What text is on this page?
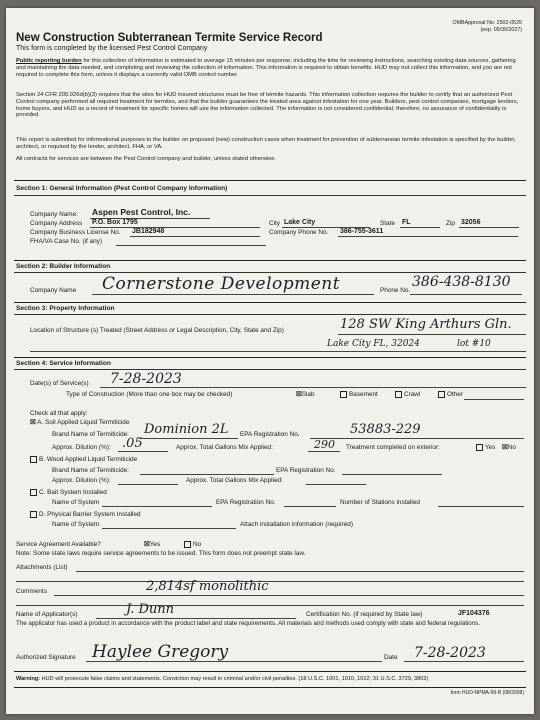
OMBApproval No. 2502-0525
(exp. 09/30/2027)
New Construction Subterranean Termite Service Record
This form is completed by the licensed Pest Control Company
Public reporting burden for this collection of information is estimated to average 15 minutes per response, including the time for reviewing instructions, searching existing data sources, gathering and maintaining the data needed, and completing and reviewing the collection of information. This information is required to obtain benefits. HUD may not collect this information, and you are not required to complete this form, unless it displays a currently valid OMB control number.
Section 24 CFR 200.926d(b)(3) requires that the sites for HUD insured structures must be free of termite hazards. This information collection requires the builder to certify that an authorized Pest Control company performed all required treatment for termites, and that the builder guarantees the treated area against infestation for one year. Builders, pest control companies, mortgage lenders, home buyers, and HUD as a record of treatment for specific homes will use the information collected. The information is not considered confidential, therefore, no assurance of confidentiality is provided.
This report is submitted for informational purposes to the builder on proposed (new) construction cases when treatment for prevention of subterranean termite infestation is specified by the builder, architect, or required by the lender, architect, FHA, or VA.
All contracts for services are between the Pest Control company and builder, unless stated otherwise.
Section 1: General Information (Pest Control Company Information)
Company Name: Aspen Pest Control, Inc.
Company Address P.O. Box 1795	City Lake City	State FL	Zip 32056
Company Business License No. JB182948	Company Phone No. 386-755-3611
FHA/VA Case No. (if any)
Section 2: Builder Information
Company Name Cornerstone Development	Phone No.
386-438-8130
Section 3: Property Information
Location of Structure (s) Treated (Street Address or Legal Description, City, State and Zip)	128 SW King Arthurs Gln.
Lake City FL, 32024	lot #10
Section 4: Service Information
Date(s) of Service(s) 7-28-2023
Type of Construction (More than one box may be checked)	☒Slab	Basement	Crawl	Other
Check all that apply:
☒ A. Soil Applied Liquid Termiticide
Brand Name of Termiticide: Dominion 2L EPA Registration No.	53883-229
Approx. Dilution (%): .05	Approx. Total Gallons Mix Applied:	290 Treatment completed on exterior:	Yes ☒No
B. Wood Applied Liquid Termiticide
Brand Name of Termiticide:	EPA Registration No.
Approx. Dilution (%):	Approx. Total Gallons Mix Applied:
C. Bait System Installed
Name of System	EPA Registration No.	Number of Stations installed
D. Physical Barrier System Installed
Name of System	Attach installation information (required)
Service Agreement Available?	☒Yes	No
Note: Some state laws require service agreements to be issued. This form does not preempt state law.
Attachments (List)
Comments	2,814sf monolithic
Name of Applicator(s)	J. Dunn	Certification No. (if required by State law)	JF104376
The applicator has used a product in accordance with the product label and state requirements. All materials and methods used comply with state and federal regulations.
Authorized Signature Haylee Gregory	Date 7-28-2023
Warning: HUD will prosecute false claims and statements. Conviction may result in criminal and/or civil penalties. (18 U.S.C. 1001, 1010, 1012; 31 U.S.C. 3729, 3802)
form HUD-NPMA-99-B (08/2008)
